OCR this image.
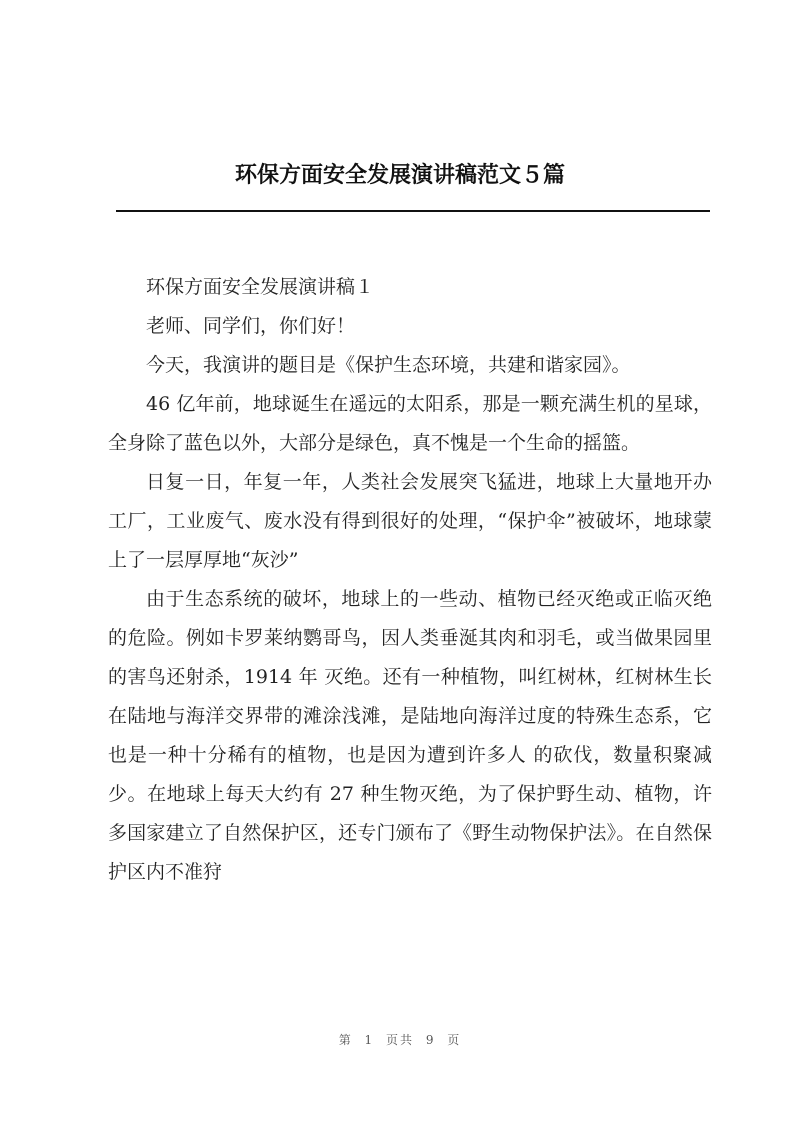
环保方面安全发展演讲稿范文５篇

环保方面安全发展演讲稿１

老师、同学们，你们好！

今天，我演讲的题目是《保护生态环境，共建和谐家园》。

46 亿年前，地球诞生在遥远的太阳系，那是一颗充满生机的星球，全身除了蓝色以外，大部分是绿色，真不愧是一个生命的摇篮。

日复一日，年复一年，人类社会发展突飞猛进，地球上大量地开办工厂，工业废气、废水没有得到很好的处理，“保护伞”被破坏，地球蒙上了一层厚厚地“灰沙”

由于生态系统的破坏，地球上的一些动、植物已经灭绝或正临灭绝的危险。例如卡罗莱纳鹦哥鸟，因人类垂涎其肉和羽毛，或当做果园里的害鸟还射杀，1914 年 灭绝。还有一种植物，叫红树林，红树林生长在陆地与海洋交界带的滩涂浅滩，是陆地向海洋过度的特殊生态系，它也是一种十分稀有的植物，也是因为遭到许多人 的砍伐，数量积聚减少。在地球上每天大约有 27 种生物灭绝，为了保护野生动、植物，许多国家建立了自然保护区，还专门颁布了《野生动物保护法》。在自然保 护区内不准狩

第 1 页共 9 页
